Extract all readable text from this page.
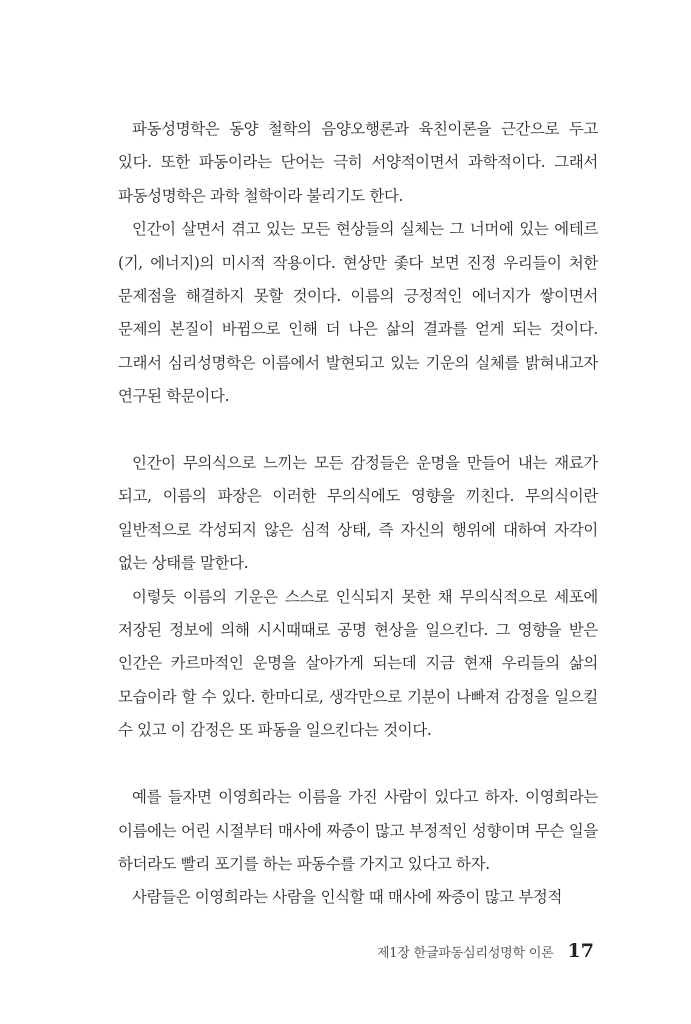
파동성명학은 동양 철학의 음양오행론과 육친이론을 근간으로 두고 있다. 또한 파동이라는 단어는 극히 서양적이면서 과학적이다. 그래서 파동성명학은 과학 철학이라 불리기도 한다.

인간이 살면서 겪고 있는 모든 현상들의 실체는 그 너머에 있는 에테르(기, 에너지)의 미시적 작용이다. 현상만 좇다 보면 진정 우리들이 처한 문제점을 해결하지 못할 것이다. 이름의 긍정적인 에너지가 쌓이면서 문제의 본질이 바뀜으로 인해 더 나은 삶의 결과를 얻게 되는 것이다. 그래서 심리성명학은 이름에서 발현되고 있는 기운의 실체를 밝혀내고자 연구된 학문이다.

인간이 무의식으로 느끼는 모든 감정들은 운명을 만들어 내는 재료가 되고, 이름의 파장은 이러한 무의식에도 영향을 끼친다. 무의식이란 일반적으로 각성되지 않은 심적 상태, 즉 자신의 행위에 대하여 자각이 없는 상태를 말한다.

이렇듯 이름의 기운은 스스로 인식되지 못한 채 무의식적으로 세포에 저장된 정보에 의해 시시때때로 공명 현상을 일으킨다. 그 영향을 받은 인간은 카르마적인 운명을 살아가게 되는데 지금 현재 우리들의 삶의 모습이라 할 수 있다. 한마디로, 생각만으로 기분이 나빠져 감정을 일으킬 수 있고 이 감정은 또 파동을 일으킨다는 것이다.

예를 들자면 이영희라는 이름을 가진 사람이 있다고 하자. 이영희라는 이름에는 어린 시절부터 매사에 짜증이 많고 부정적인 성향이며 무슨 일을 하더라도 빨리 포기를 하는 파동수를 가지고 있다고 하자.

사람들은 이영희라는 사람을 인식할 때 매사에 짜증이 많고 부정적

제1장 한글파동심리성명학 이론 17
